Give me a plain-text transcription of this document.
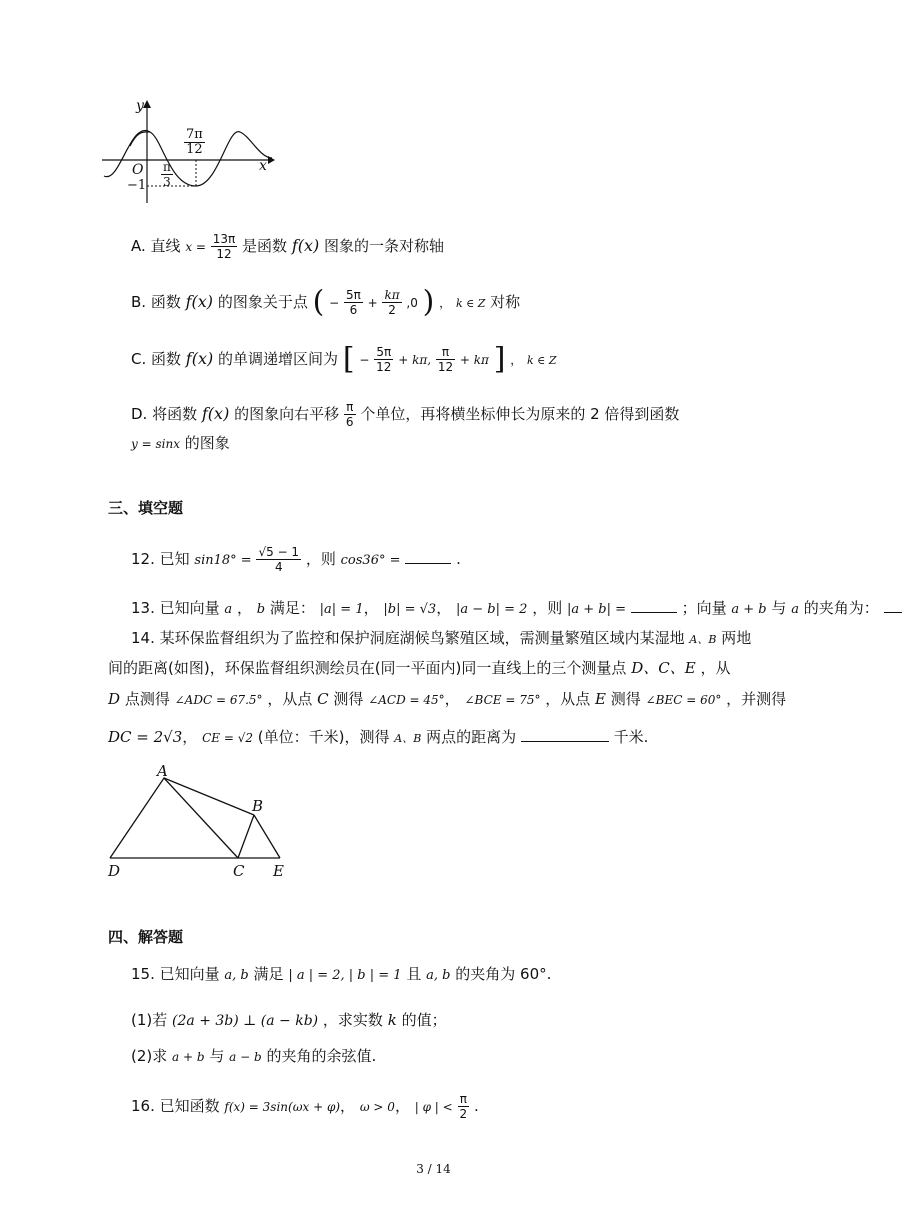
y
x
O
$-1 \frac{\pi}{3}$
$\frac{7\pi}{12}$
A. 直线 $x = \frac{13\pi}{12}$ 是函数 f(x) 图象的一条对称轴
B. 函数 f(x) 的图象关于点 ( − $\frac{5\pi}{6} + \frac{k\pi}{2} ,0$ ) ， k ∈ Z 对称
C. 函数 f(x) 的单调递增区间为 [ − $\frac{5\pi}{12} + k\pi$, $\frac{\pi}{12} + k\pi$ ] ， k ∈ Z
D. 将函数 f(x) 的图象向右平移 $\frac{\pi}{6}$ 个单位，再将横坐标伸长为原来的 2 倍得到函数
y = sinx 的图象
三、填空题
12. 已知 $\sin 18^\circ = \frac{√5 - 1}{4}$ ，则 cos36° =	.
13. 已知向量 a ， b 满足： |a| = 1， |b| = √3， |a − b| = 2 ，则 |a + b| =	；向量 a + b 与 a 的夹角为：
14. 某环保监督组织为了监控和保护洞庭湖候鸟繁殖区域，需测量繁殖区域内某湿地 A、B 两地
间的距离(如图)，环保监督组织测绘员在(同一平面内)同一直线上的三个测量点 D、C、E ，从
D 点测得 ∠ADC = 67.5° ，从点 C 测得 ∠ACD = 45°， ∠BCE = 75° ，从点 E 测得 ∠BEC = 60° ，并测得
DC = 2√3， CE = √2 (单位：千米)，测得 A、B 两点的距离为	千米.
A
B
C
D	E
四、解答题
15. 已知向量 a, b 满足 | a | = 2, | b | = 1 且 a, b 的夹角为 60°.
(1)若 (2a + 3b) ⊥ (a − kb) ，求实数 k 的值；
(2)求 a + b 与 a − b 的夹角的余弦值.
16. 已知函数 f(x) = 3sin(ωx + φ)， ω > 0， | φ | < $\frac{\pi}{2}$ .
3 / 14
